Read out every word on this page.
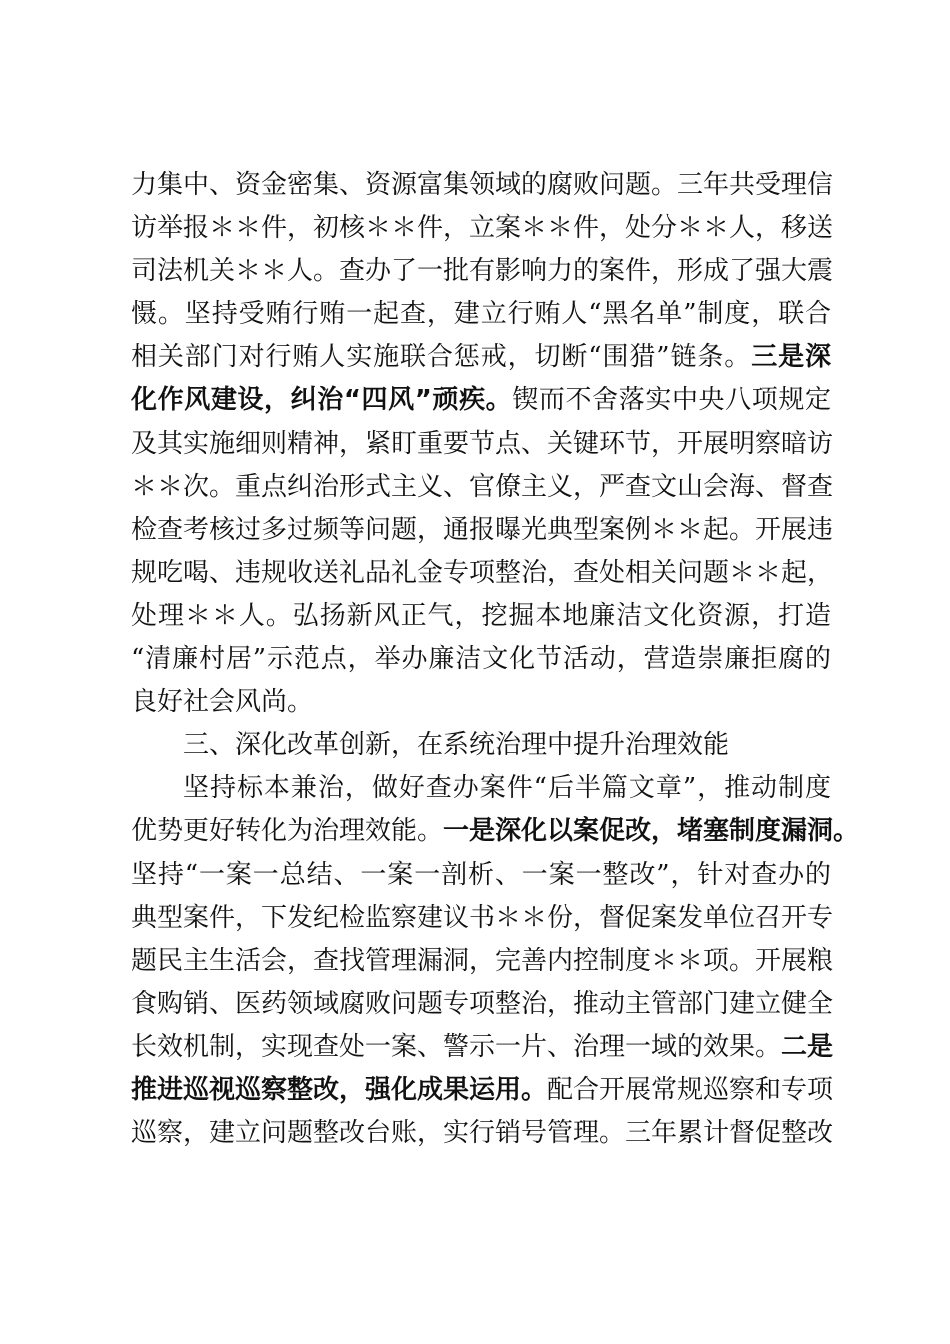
力集中、资金密集、资源富集领域的腐败问题。三年共受理信
访举报＊＊件，初核＊＊件，立案＊＊件，处分＊＊人，移送
司法机关＊＊人。查办了一批有影响力的案件，形成了强大震
慑。坚持受贿行贿一起查，建立行贿人“黑名单”制度，联合
相关部门对行贿人实施联合惩戒，切断“围猎”链条。三是深
化作风建设，纠治“四风”顽疾。锲而不舍落实中央八项规定
及其实施细则精神，紧盯重要节点、关键环节，开展明察暗访
＊＊次。重点纠治形式主义、官僚主义，严查文山会海、督查
检查考核过多过频等问题，通报曝光典型案例＊＊起。开展违
规吃喝、违规收送礼品礼金专项整治，查处相关问题＊＊起，
处理＊＊人。弘扬新风正气，挖掘本地廉洁文化资源，打造
“清廉村居”示范点，举办廉洁文化节活动，营造崇廉拒腐的
良好社会风尚。
三、深化改革创新，在系统治理中提升治理效能
坚持标本兼治，做好查办案件“后半篇文章”，推动制度
优势更好转化为治理效能。一是深化以案促改，堵塞制度漏洞。
坚持“一案一总结、一案一剖析、一案一整改”，针对查办的
典型案件，下发纪检监察建议书＊＊份，督促案发单位召开专
题民主生活会，查找管理漏洞，完善内控制度＊＊项。开展粮
食购销、医药领域腐败问题专项整治，推动主管部门建立健全
长效机制，实现查处一案、警示一片、治理一域的效果。二是
推进巡视巡察整改，强化成果运用。配合开展常规巡察和专项
巡察，建立问题整改台账，实行销号管理。三年累计督促整改
